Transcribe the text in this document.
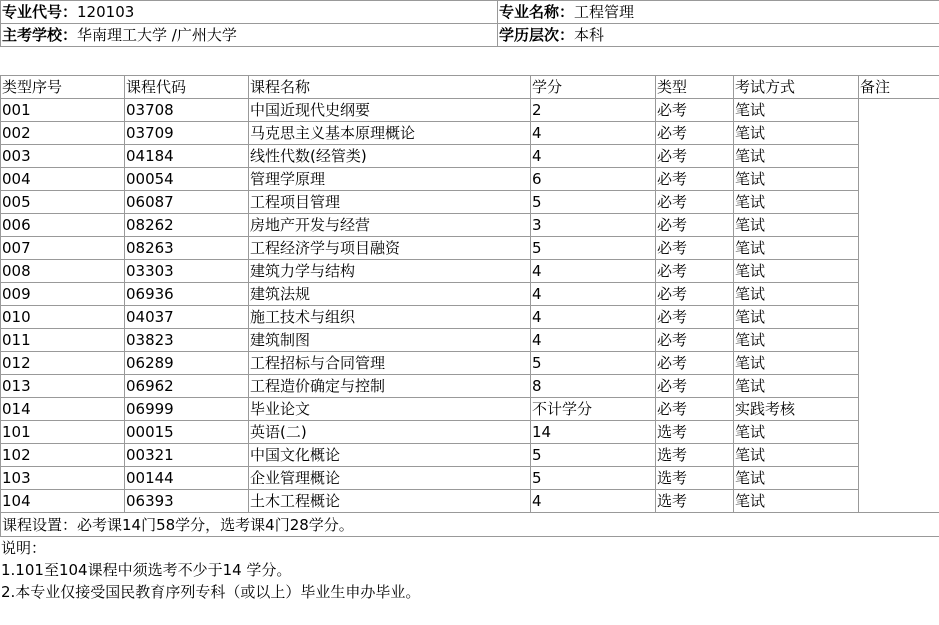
专业代号：120103	专业名称：工程管理
主考学校：华南理工大学 /广州大学	学历层次：本科
类型序号	课程代码	课程名称	学分	类型	考试方式	备注
001	03708	中国近现代史纲要	2	必考	笔试	
002	03709	马克思主义基本原理概论	4	必考	笔试	
003	04184	线性代数(经管类)	4	必考	笔试	
004	00054	管理学原理	6	必考	笔试	
005	06087	工程项目管理	5	必考	笔试	
006	08262	房地产开发与经营	3	必考	笔试	
007	08263	工程经济学与项目融资	5	必考	笔试	
008	03303	建筑力学与结构	4	必考	笔试	
009	06936	建筑法规	4	必考	笔试	
010	04037	施工技术与组织	4	必考	笔试	
011	03823	建筑制图	4	必考	笔试	
012	06289	工程招标与合同管理	5	必考	笔试	
013	06962	工程造价确定与控制	8	必考	笔试	
014	06999	毕业论文	不计学分	必考	实践考核	
101	00015	英语(二)	14	选考	笔试	
102	00321	中国文化概论	5	选考	笔试	
103	00144	企业管理概论	5	选考	笔试	
104	06393	土木工程概论	4	选考	笔试	
课程设置：必考课14门58学分，选考课4门28学分。						
说明：
1.101至104课程中须选考不少于14 学分。
2.本专业仅接受国民教育序列专科（或以上）毕业生申办毕业。
